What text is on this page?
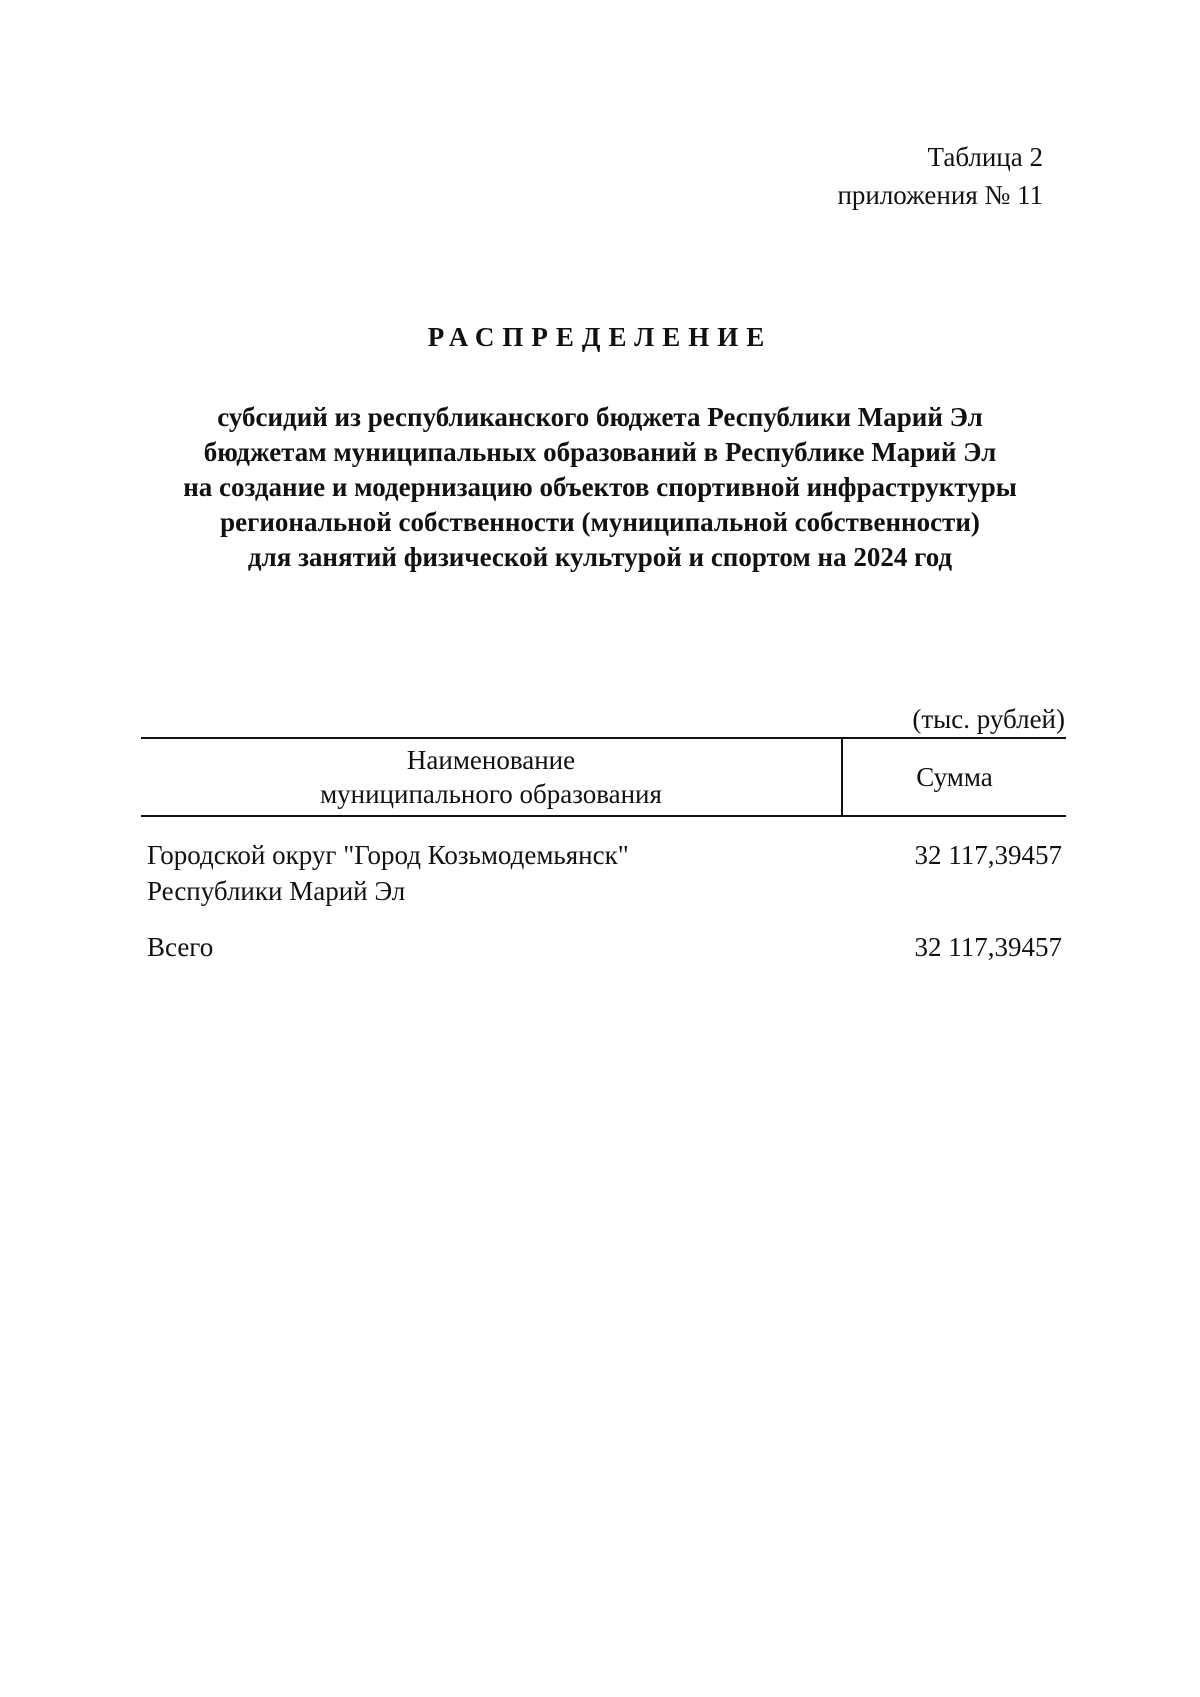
Таблица 2
приложения № 11
РАСПРЕДЕЛЕНИЕ
субсидий из республиканского бюджета Республики Марий Эл
бюджетам муниципальных образований в Республике Марий Эл
на создание и модернизацию объектов спортивной инфраструктуры
региональной собственности (муниципальной собственности)
для занятий физической культурой и спортом на 2024 год
(тыс. рублей)
Наименование
муниципального образования	Сумма

Городской округ "Город Козьмодемьянск"
Республики Марий Эл	32 117,39457
Всего	32 117,39457
